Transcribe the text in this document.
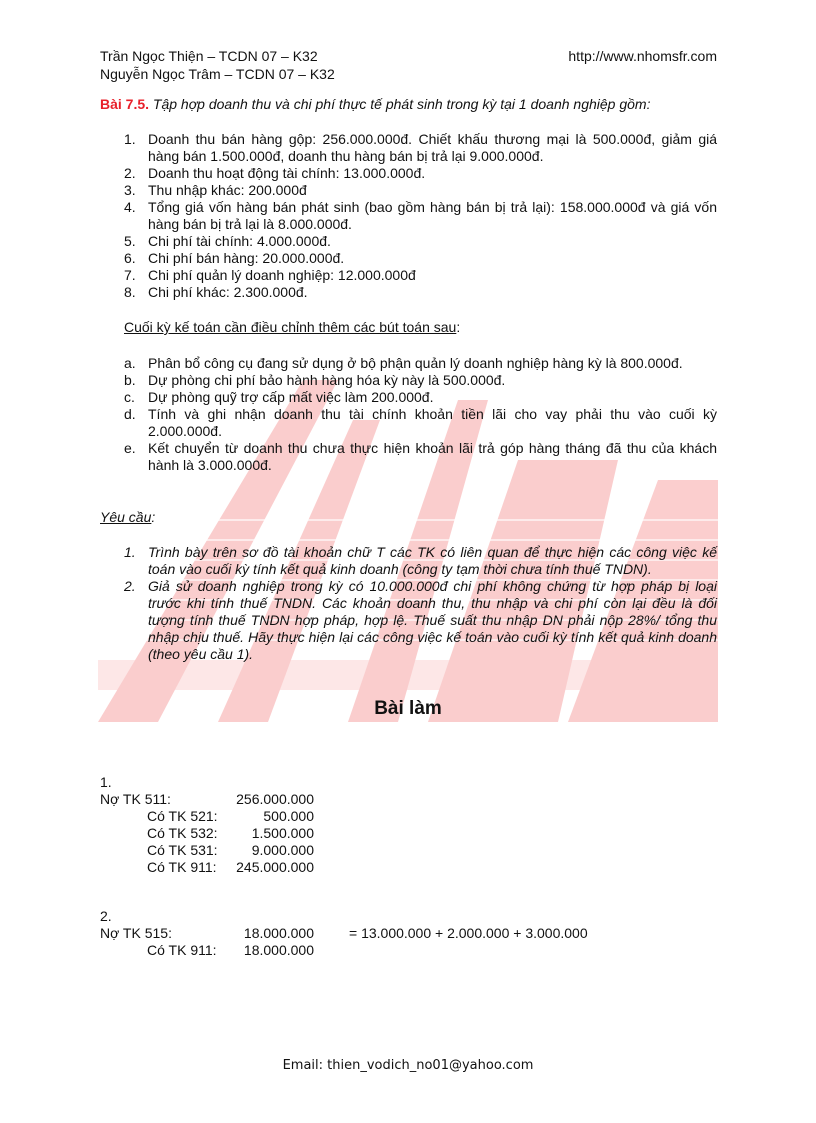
Trần Ngọc Thiện – TCDN 07 – K32
Nguyễn Ngọc Trâm – TCDN 07 – K32
http://www.nhomsfr.com
Bài 7.5. Tập hợp doanh thu và chi phí thực tế phát sinh trong kỳ tại 1 doanh nghiệp gồm:
1. Doanh thu bán hàng gộp: 256.000.000đ. Chiết khấu thương mại là 500.000đ, giảm giá hàng bán 1.500.000đ, doanh thu hàng bán bị trả lại 9.000.000đ.
2. Doanh thu hoạt động tài chính: 13.000.000đ.
3. Thu nhập khác: 200.000đ
4. Tổng giá vốn hàng bán phát sinh (bao gồm hàng bán bị trả lại): 158.000.000đ và giá vốn hàng bán bị trả lại là 8.000.000đ.
5. Chi phí tài chính: 4.000.000đ.
6. Chi phí bán hàng: 20.000.000đ.
7. Chi phí quản lý doanh nghiệp: 12.000.000đ
8. Chi phí khác: 2.300.000đ.
Cuối kỳ kế toán cần điều chỉnh thêm các bút toán sau:
a. Phân bổ công cụ đang sử dụng ở bộ phận quản lý doanh nghiệp hàng kỳ là 800.000đ.
b. Dự phòng chi phí bảo hành hàng hóa kỳ này là 500.000đ.
c. Dự phòng quỹ trợ cấp mất việc làm 200.000đ.
d. Tính và ghi nhận doanh thu tài chính khoản tiền lãi cho vay phải thu vào cuối kỳ 2.000.000đ.
e. Kết chuyển từ doanh thu chưa thực hiện khoản lãi trả góp hàng tháng đã thu của khách hành là 3.000.000đ.
Yêu cầu:
1. Trình bày trên sơ đồ tài khoản chữ T các TK có liên quan để thực hiện các công việc kế toán vào cuối kỳ tính kết quả kinh doanh (công ty tạm thời chưa tính thuế TNDN).
2. Giả sử doanh nghiệp trong kỳ có 10.000.000đ chi phí không chứng từ hợp pháp bị loại trước khi tính thuế TNDN. Các khoản doanh thu, thu nhập và chi phí còn lại đều là đối tượng tính thuế TNDN hợp pháp, hợp lệ. Thuế suất thu nhập DN phải nộp 28%/ tổng thu nhập chịu thuế. Hãy thực hiện lại các công việc kế toán vào cuối kỳ tính kết quả kinh doanh (theo yêu cầu 1).
Bài làm
1.
Nợ TK 511:	256.000.000
Có TK 521:	500.000
Có TK 532:	1.500.000
Có TK 531:	9.000.000
Có TK 911:	245.000.000
2.
Nợ TK 515:	18.000.000	= 13.000.000 + 2.000.000 + 3.000.000
Có TK 911:	18.000.000
Email: thien_vodich_no01@yahoo.com
